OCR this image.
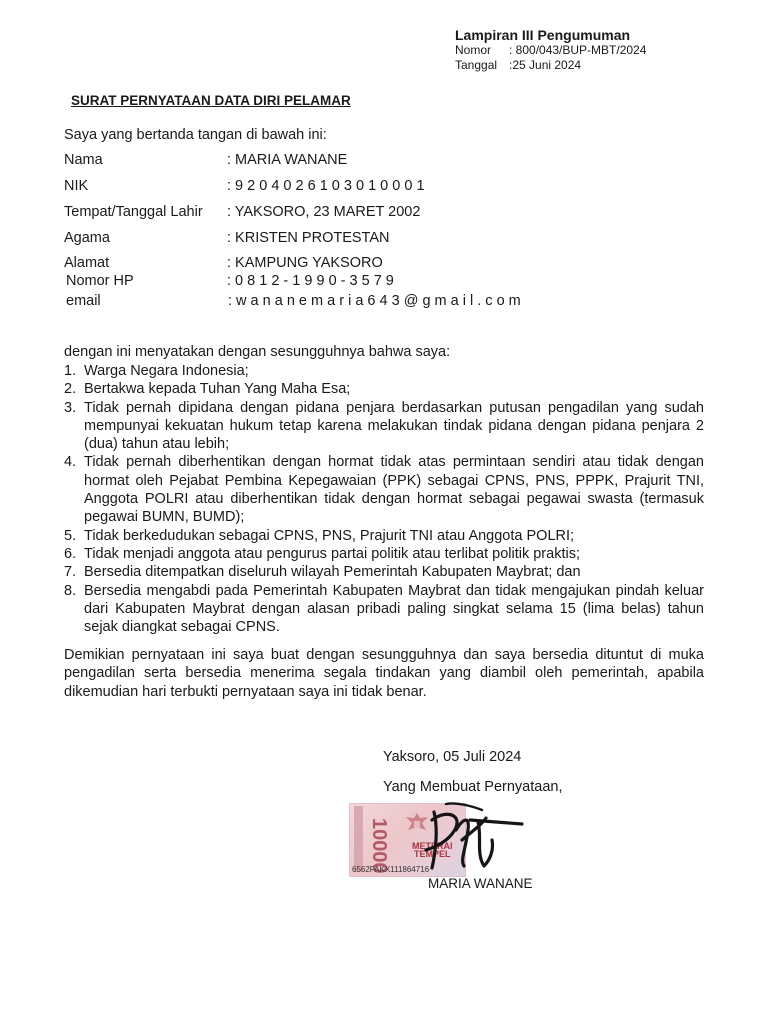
Lampiran III Pengumuman
Nomor : 800/043/BUP-MBT/2024
Tanggal :25 Juni 2024
SURAT PERNYATAAN DATA DIRI PELAMAR
Saya yang bertanda tangan di bawah ini:
Nama	: MARIA WANANE
NIK	: 9 2 0 4 0 2 6 1 0 3 0 1 0 0 0 1
Tempat/Tanggal Lahir : YAKSORO, 23 MARET 2002
Agama	: KRISTEN PROTESTAN
Alamat	: KAMPUNG YAKSORO
Nomor HP	: 0 8 1 2 - 1 9 9 0 - 3 5 7 9
email	: w a n a n e m a r i a 6 4 3 @ g m a i l . c o m
dengan ini menyatakan dengan sesungguhnya bahwa saya:
1. Warga Negara Indonesia;
2. Bertakwa kepada Tuhan Yang Maha Esa;
3. Tidak pernah dipidana dengan pidana penjara berdasarkan putusan pengadilan yang sudah mempunyai kekuatan hukum tetap karena melakukan tindak pidana dengan pidana penjara 2 (dua) tahun atau lebih;
4. Tidak pernah diberhentikan dengan hormat tidak atas permintaan sendiri atau tidak dengan hormat oleh Pejabat Pembina Kepegawaian (PPK) sebagai CPNS, PNS, PPPK, Prajurit TNI, Anggota POLRI atau diberhentikan tidak dengan hormat sebagai pegawai swasta (termasuk pegawai BUMN, BUMD);
5. Tidak berkedudukan sebagai CPNS, PNS, Prajurit TNI atau Anggota POLRI;
6. Tidak menjadi anggota atau pengurus partai politik atau terlibat politik praktis;
7. Bersedia ditempatkan diseluruh wilayah Pemerintah Kabupaten Maybrat; dan
8. Bersedia mengabdi pada Pemerintah Kabupaten Maybrat dan tidak mengajukan pindah keluar dari Kabupaten Maybrat dengan alasan pribadi paling singkat selama 15 (lima belas) tahun sejak diangkat sebagai CPNS.
Demikian pernyataan ini saya buat dengan sesungguhnya dan saya bersedia dituntut di muka pengadilan serta bersedia menerima segala tindakan yang diambil oleh pemerintah, apabila dikemudian hari terbukti pernyataan saya ini tidak benar.
Yaksoro, 05 Juli 2024
Yang Membuat Pernyataan,
10000 METERAI
TEMPEL
6562FAKX111864716
MARIA WANANE
